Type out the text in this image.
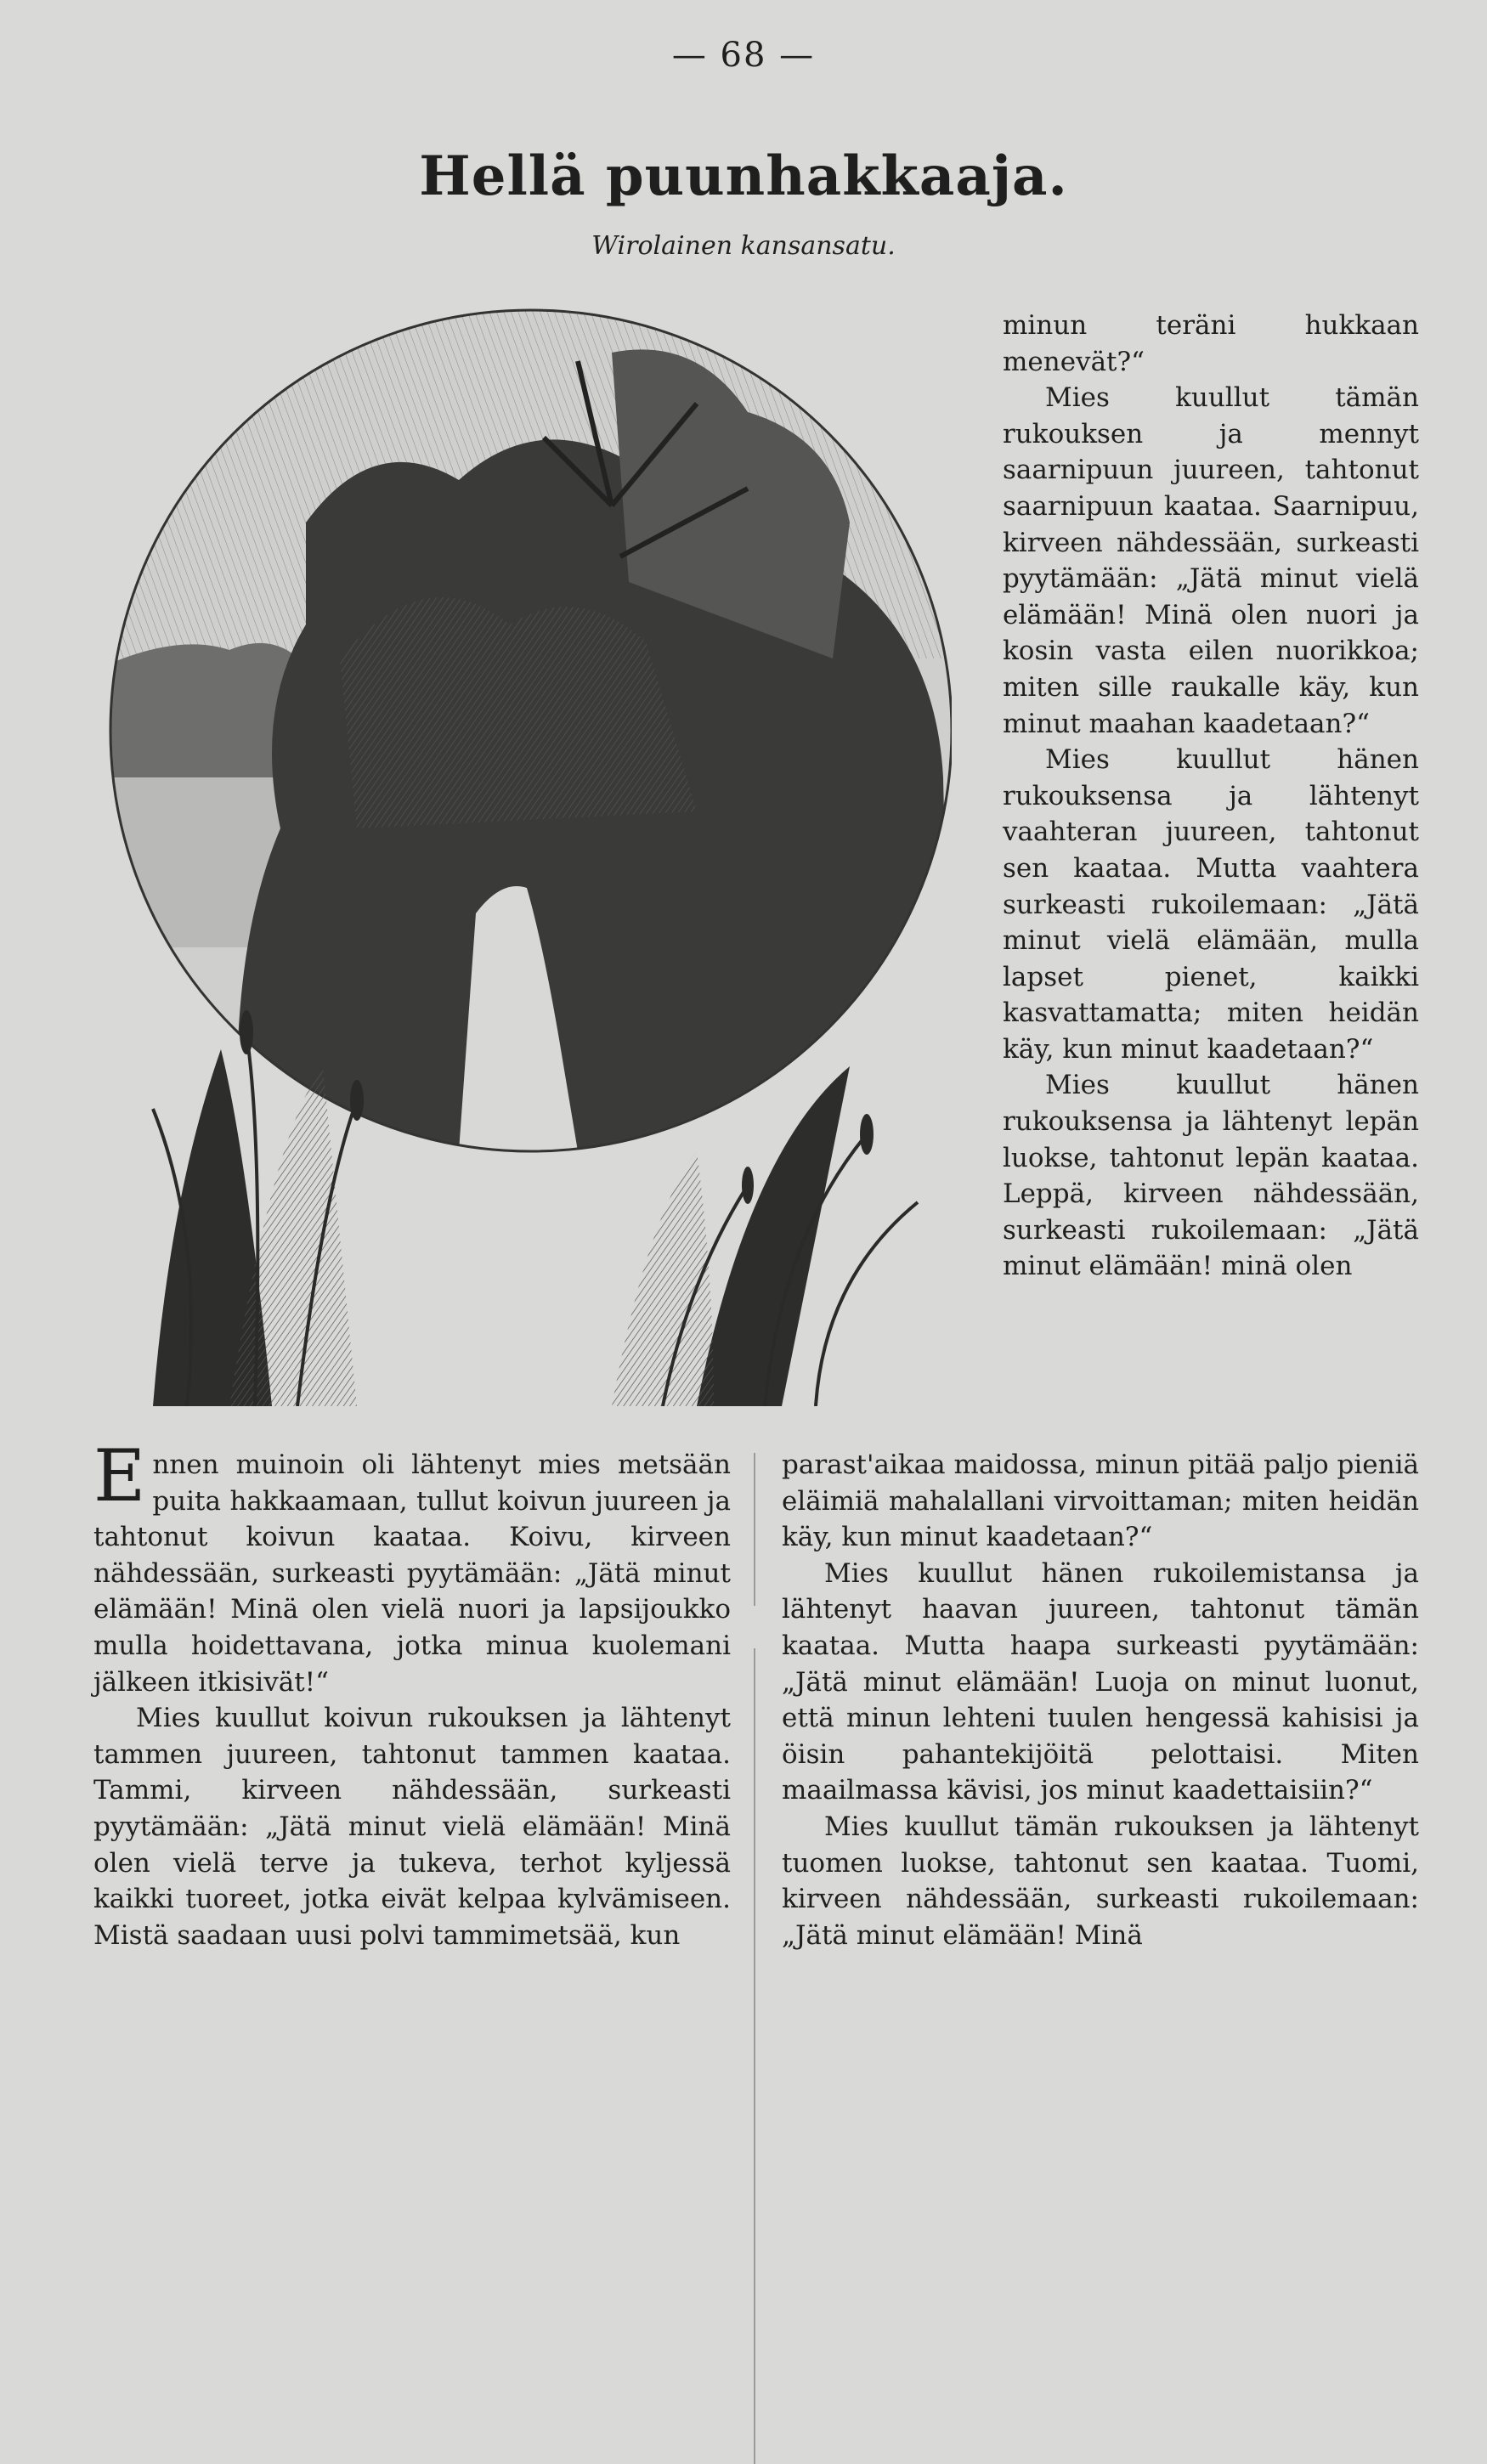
— 68 —
Hellä puunhakkaaja.
Wirolainen kansansatu.

minun teräni hukkaan menevät?“

Mies kuullut tämän rukouksen ja mennyt saarnipuun juureen, tahtonut saarnipuun kaataa. Saarnipuu, kirveen nähdessään, surkeasti pyytämään: „Jätä minut vielä elämään! Minä olen nuori ja kosin vasta eilen nuorikkoa; miten sille raukalle käy, kun minut maahan kaadetaan?“

Mies kuullut hänen rukouksensa ja lähtenyt vaahteran juureen, tahtonut sen kaataa. Mutta vaahtera surkeasti rukoilemaan: „Jätä minut vielä elämään, mulla lapset pienet, kaikki kasvattamatta; miten heidän käy, kun minut kaadetaan?“

Mies kuullut hänen rukouksensa ja lähtenyt lepän luokse, tahtonut lepän kaataa. Leppä, kirveen nähdessään, surkeasti rukoilemaan: „Jätä minut elämään! minä olen

Ennen muinoin oli lähtenyt mies metsään puita hakkaamaan, tullut koivun juureen ja tahtonut koivun kaataa. Koivu, kirveen nähdessään, surkeasti pyytämään: „Jätä minut elämään! Minä olen vielä nuori ja lapsijoukko mulla hoidettavana, jotka minua kuolemani jälkeen itkisivät!“

Mies kuullut koivun rukouksen ja lähtenyt tammen juureen, tahtonut tammen kaataa. Tammi, kirveen nähdessään, surkeasti pyytämään: „Jätä minut vielä elämään! Minä olen vielä terve ja tukeva, terhot kyljessä kaikki tuoreet, jotka eivät kelpaa kylvämiseen. Mistä saadaan uusi polvi tammimetsää, kun

parast'aikaa maidossa, minun pitää paljo pieniä eläimiä mahalallani virvoittaman; miten heidän käy, kun minut kaadetaan?“

Mies kuullut hänen rukoilemistansa ja lähtenyt haavan juureen, tahtonut tämän kaataa. Mutta haapa surkeasti pyytämään: „Jätä minut elämään! Luoja on minut luonut, että minun lehteni tuulen hengessä kahisisi ja öisin pahantekijöitä pelottaisi. Miten maailmassa kävisi, jos minut kaadettaisiin?“

Mies kuullut tämän rukouksen ja lähtenyt tuomen luokse, tahtonut sen kaataa. Tuomi, kirveen nähdessään, surkeasti rukoilemaan: „Jätä minut elämään! Minä
